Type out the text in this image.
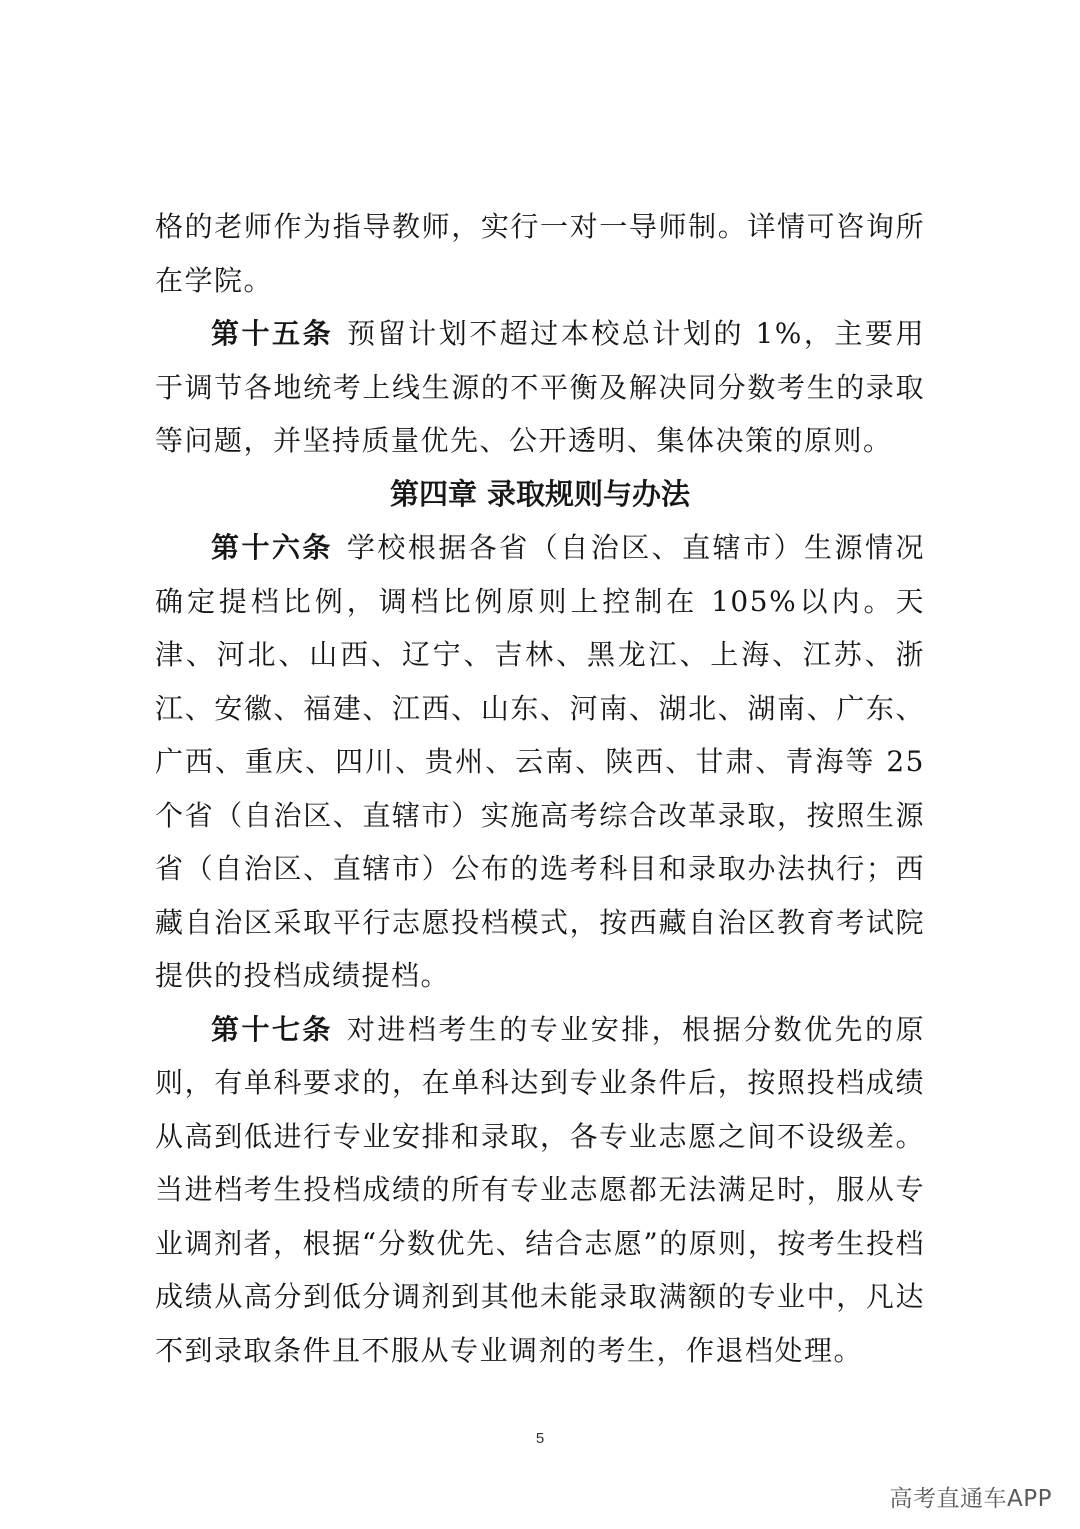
格的老师作为指导教师，实行一对一导师制。详情可咨询所在学院。

第十五条 预留计划不超过本校总计划的 1%，主要用于调节各地统考上线生源的不平衡及解决同分数考生的录取等问题，并坚持质量优先、公开透明、集体决策的原则。

第四章 录取规则与办法

第十六条 学校根据各省（自治区、直辖市）生源情况确定提档比例，调档比例原则上控制在 105%以内。天津、河北、山西、辽宁、吉林、黑龙江、上海、江苏、浙江、安徽、福建、江西、山东、河南、湖北、湖南、广东、广西、重庆、四川、贵州、云南、陕西、甘肃、青海等 25 个省（自治区、直辖市）实施高考综合改革录取，按照生源省（自治区、直辖市）公布的选考科目和录取办法执行；西藏自治区采取平行志愿投档模式，按西藏自治区教育考试院提供的投档成绩提档。

第十七条 对进档考生的专业安排，根据分数优先的原则，有单科要求的，在单科达到专业条件后，按照投档成绩从高到低进行专业安排和录取，各专业志愿之间不设级差。当进档考生投档成绩的所有专业志愿都无法满足时，服从专业调剂者，根据“分数优先、结合志愿”的原则，按考生投档成绩从高分到低分调剂到其他未能录取满额的专业中，凡达不到录取条件且不服从专业调剂的考生，作退档处理。

5
高考直通车APP
